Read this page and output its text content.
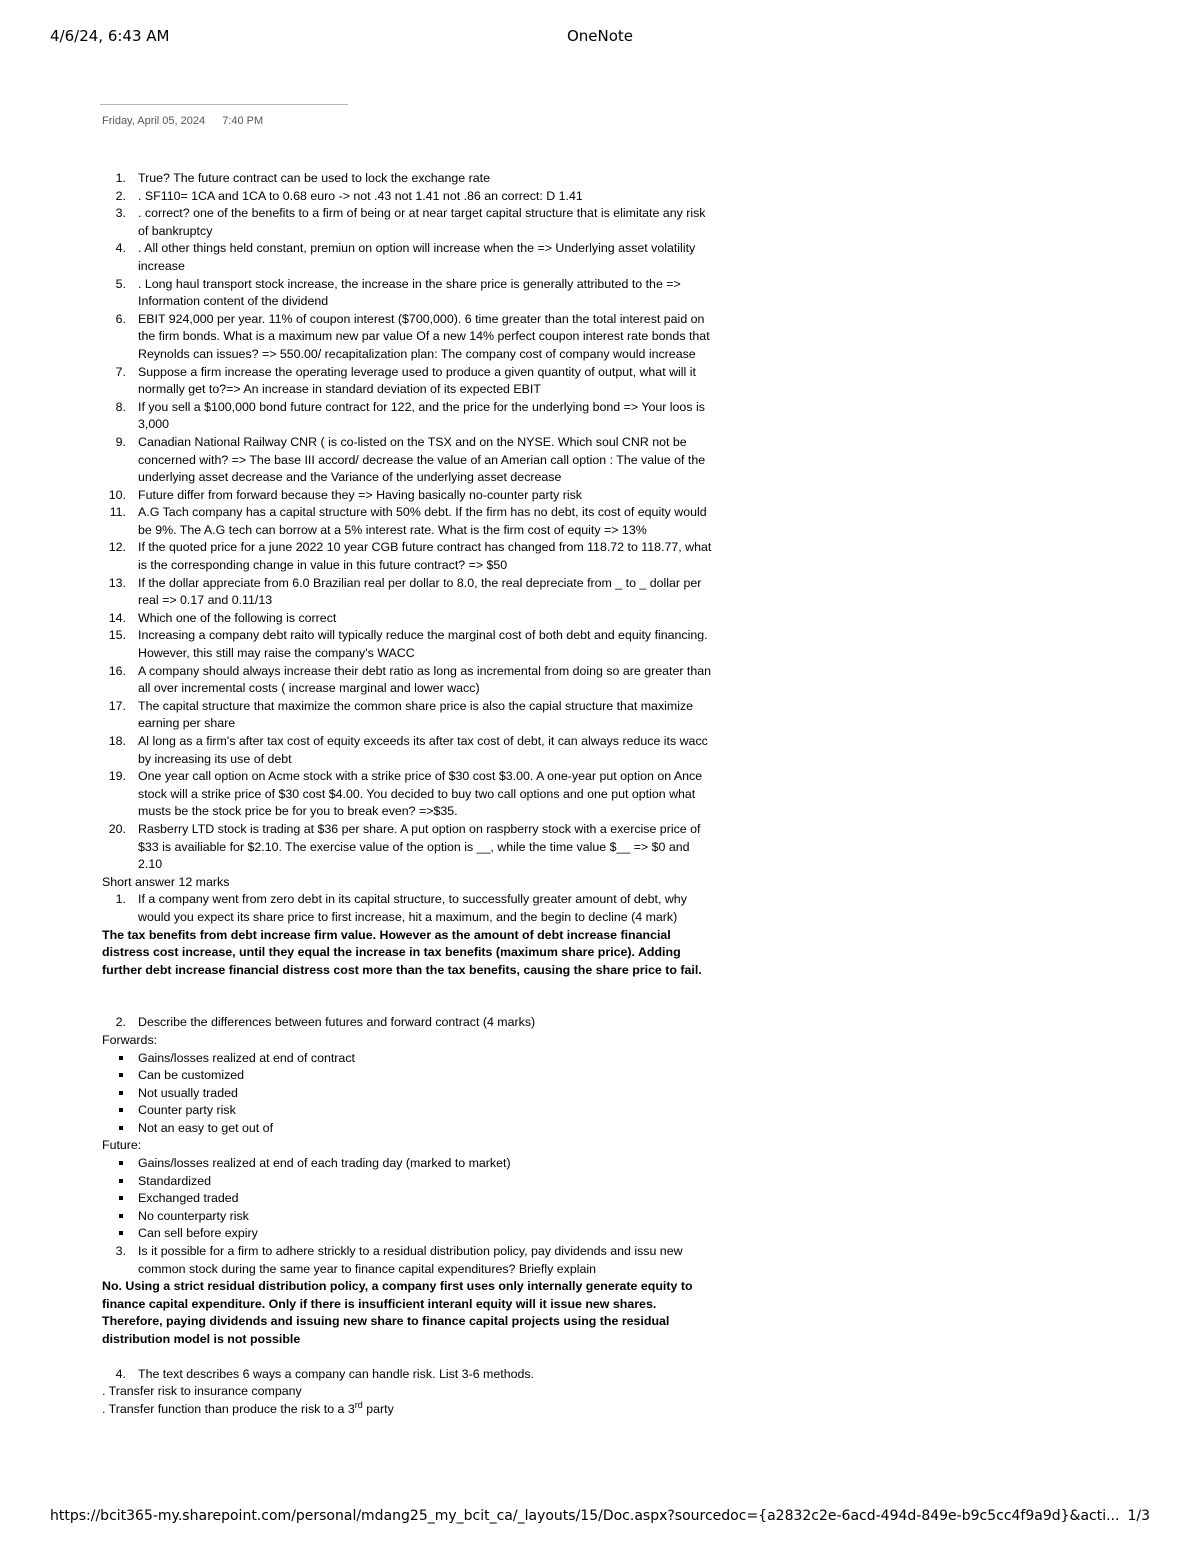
4/6/24, 6:43 AM	OneNote
Friday, April 05, 2024 7:40 PM
1. True? The future contract can be used to lock the exchange rate
2. . SF110= 1CA and 1CA to 0.68 euro -> not .43 not 1.41 not .86 an correct: D 1.41
3. . correct? one of the benefits to a firm of being or at near target capital structure that is elimitate any risk of bankruptcy
4. . All other things held constant, premiun on option will increase when the => Underlying asset volatility increase
5. . Long haul transport stock increase, the increase in the share price is generally attributed to the => Information content of the dividend
6. EBIT 924,000 per year. 11% of coupon interest ($700,000). 6 time greater than the total interest paid on the firm bonds. What is a maximum new par value Of a new 14% perfect coupon interest rate bonds that Reynolds can issues? => 550.00/ recapitalization plan: The company cost of company would increase
7. Suppose a firm increase the operating leverage used to produce a given quantity of output, what will it normally get to?=> An increase in standard deviation of its expected EBIT
8. If you sell a $100,000 bond future contract for 122, and the price for the underlying bond => Your loos is 3,000
9. Canadian National Railway CNR ( is co-listed on the TSX and on the NYSE. Which soul CNR not be concerned with? => The base III accord/ decrease the value of an Amerian call option : The value of the underlying asset decrease and the Variance of the underlying asset decrease
10. Future differ from forward because they => Having basically no-counter party risk
11. A.G Tach company has a capital structure with 50% debt. If the firm has no debt, its cost of equity would be 9%. The A.G tech can borrow at a 5% interest rate. What is the firm cost of equity => 13%
12. If the quoted price for a june 2022 10 year CGB future contract has changed from 118.72 to 118.77, what is the corresponding change in value in this future contract? => $50
13. If the dollar appreciate from 6.0 Brazilian real per dollar to 8.0, the real depreciate from _ to _ dollar per real => 0.17 and 0.11/13
14. Which one of the following is correct
15. Increasing a company debt raito will typically reduce the marginal cost of both debt and equity financing. However, this still may raise the company's WACC
16. A company should always increase their debt ratio as long as incremental from doing so are greater than all over incremental costs ( increase marginal and lower wacc)
17. The capital structure that maximize the common share price is also the capial structure that maximize earning per share
18. Al long as a firm's after tax cost of equity exceeds its after tax cost of debt, it can always reduce its wacc by increasing its use of debt
19. One year call option on Acme stock with a strike price of $30 cost $3.00. A one-year put option on Ance stock will a strike price of $30 cost $4.00. You decided to buy two call options and one put option what musts be the stock price be for you to break even? =>$35.
20. Rasberry LTD stock is trading at $36 per share. A put option on raspberry stock with a exercise price of $33 is availiable for $2.10. The exercise value of the option is __, while the time value $__ => $0 and 2.10
Short answer 12 marks
1. If a company went from zero debt in its capital structure, to successfully greater amount of debt, why would you expect its share price to first increase, hit a maximum, and the begin to decline (4 mark)
The tax benefits from debt increase firm value. However as the amount of debt increase financial distress cost increase, until they equal the increase in tax benefits (maximum share price). Adding further debt increase financial distress cost more than the tax benefits, causing the share price to fail.
2. Describe the differences between futures and forward contract (4 marks)
Forwards:
Gains/losses realized at end of contract
Can be customized
Not usually traded
Counter party risk
Not an easy to get out of
Future:
Gains/losses realized at end of each trading day (marked to market)
Standardized
Exchanged traded
No counterparty risk
Can sell before expiry
3. Is it possible for a firm to adhere strickly to a residual distribution policy, pay dividends and issu new common stock during the same year to finance capital expenditures? Briefly explain
No. Using a strict residual distribution policy, a company first uses only internally generate equity to finance capital expenditure. Only if there is insufficient interanl equity will it issue new shares. Therefore, paying dividends and issuing new share to finance capital projects using the residual distribution model is not possible
4. The text describes 6 ways a company can handle risk. List 3-6 methods.
. Transfer risk to insurance company
. Transfer function than produce the risk to a 3rd party
https://bcit365-my.sharepoint.com/personal/mdang25_my_bcit_ca/_layouts/15/Doc.aspx?sourcedoc={a2832c2e-6acd-494d-849e-b9c5cc4f9a9d}&acti... 1/3
